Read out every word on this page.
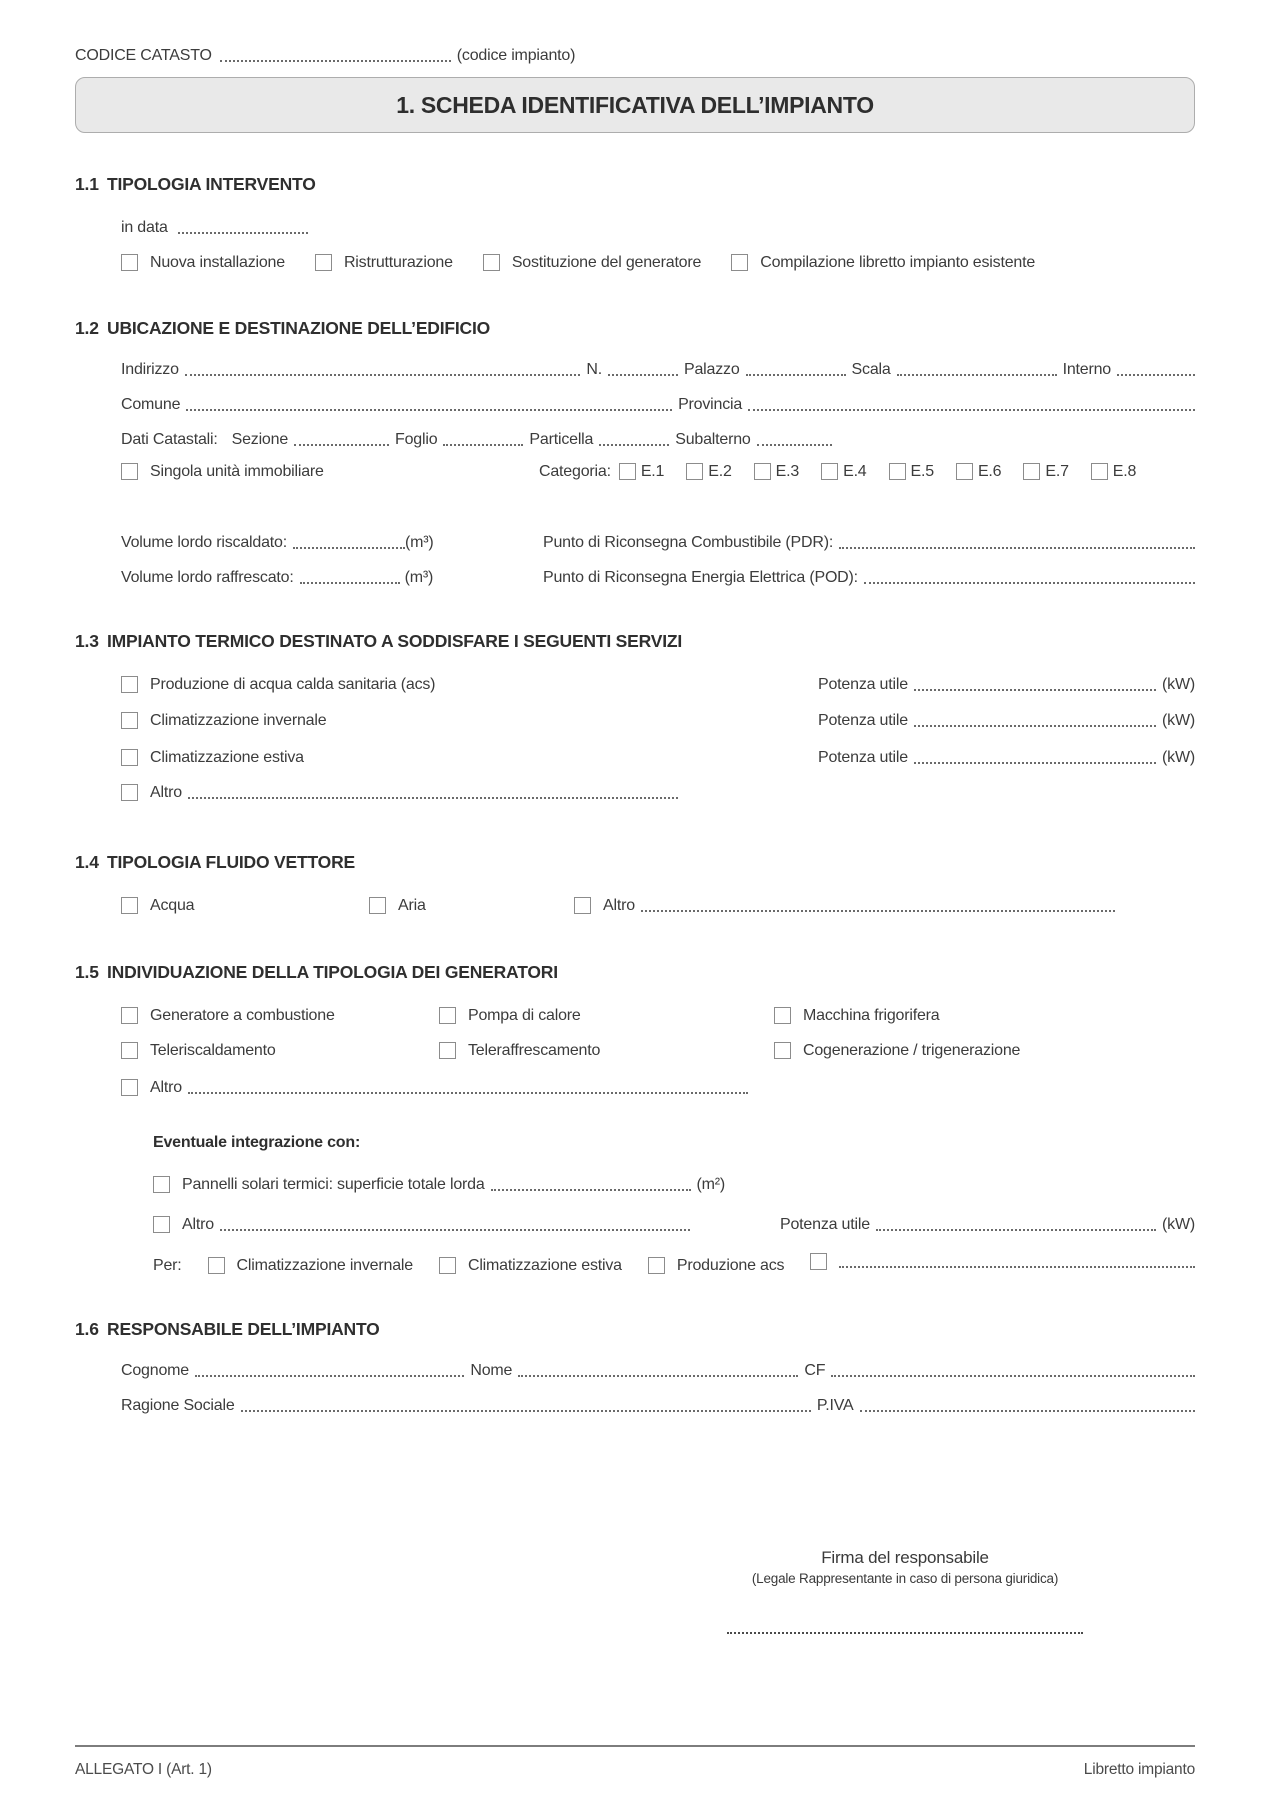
CODICE CATASTO	(codice impianto)
1. SCHEDA IDENTIFICATIVA DELL’IMPIANTO
1.1 TIPOLOGIA INTERVENTO
in data
Nuova installazione	Ristrutturazione	Sostituzione del generatore	Compilazione libretto impianto esistente
1.2 UBICAZIONE E DESTINAZIONE DELL’EDIFICIO
Indirizzo	N.	Palazzo	Scala	Interno
Comune	Provincia
Dati Catastali: Sezione	Foglio	Particella	Subalterno
Singola unità immobiliare	Categoria: E.1	E.2	E.3	E.4	E.5	E.6	E.7	E.8
Volume lordo riscaldato:	(m³)	Punto di Riconsegna Combustibile (PDR):
Volume lordo raffrescato:	(m³)	Punto di Riconsegna Energia Elettrica (POD):
1.3 IMPIANTO TERMICO DESTINATO A SODDISFARE I SEGUENTI SERVIZI
Produzione di acqua calda sanitaria (acs)	Potenza utile	(kW)
Climatizzazione invernale	Potenza utile	(kW)
Climatizzazione estiva	Potenza utile	(kW)
Altro
1.4 TIPOLOGIA FLUIDO VETTORE
Acqua	Aria	Altro
1.5 INDIVIDUAZIONE DELLA TIPOLOGIA DEI GENERATORI
Generatore a combustione	Pompa di calore	Macchina frigorifera
Teleriscaldamento	Teleraffrescamento	Cogenerazione / trigenerazione
Altro
Eventuale integrazione con:
Pannelli solari termici: superficie totale lorda	(m²)
Altro	Potenza utile	(kW)
Per:	Climatizzazione invernale	Climatizzazione estiva	Produzione acs
1.6 RESPONSABILE DELL’IMPIANTO
Cognome	Nome	CF
Ragione Sociale	P.IVA
Firma del responsabile
(Legale Rappresentante in caso di persona giuridica)
ALLEGATO I (Art. 1)	Libretto impianto
